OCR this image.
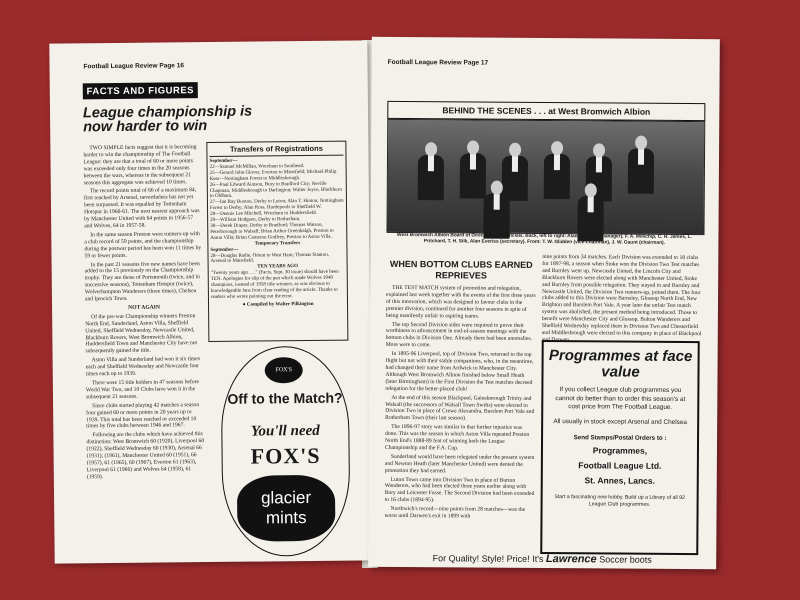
Football League Review Page 16
FACTS AND FIGURES
League championship is now harder to win

TWO SIMPLE facts suggest that it is becoming harder to win the championship of The Football League: they are that a total of 60 or more points was exceeded only four times in the 20 seasons between the wars, whereas in the subsequent 21 seasons this aggregate was achieved 10 times.

The record points total of 66 of a maximum 84, first reached by Arsenal, nevertheless has not yet been surpassed. It was equalled by Tottenham Hotspur in 1960-61. The next nearest approach was by Manchester United with 64 points in 1956-57 and Wolves, 64 in 1957-58.

In the same season Preston were runners-up with a club record of 59 points, and the championship during the postwar period has been won 11 times by 59 or fewer points.

In the past 21 seasons five new names have been added to the 15 previously on the Championship trophy. They are those of Portsmouth (twice, and in successive seasons), Tottenham Hotspur (twice), Wolverhampton Wanderers (three times), Chelsea and Ipswich Town.

NOT AGAIN

Of the pre-war Championship winners Preston North End, Sunderland, Aston Villa, Sheffield United, Sheffield Wednesday, Newcastle United, Blackburn Rovers, West Bromwich Albion, Huddersfield Town and Manchester City have not subsequently gained the title.

Aston Villa and Sunderland had won it six times each and Sheffield Wednesday and Newcastle four times each up to 1939.

There were 15 title holders in 47 seasons before World War Two, and 10 Clubs have won it in the subsequent 21 seasons.

Since clubs started playing 42 matches a season four gained 60 or more points in 20 years up to 1939. This total has been reached or exceeded 10 times by five clubs between 1946 and 1967.

Following are the clubs which have achieved this distinction: West Bromwich 60 (1920), Liverpool 60 (1922), Sheffield Wednesday 60 (1930), Arsenal 66 (1931); (1961), Manchester United 60 (1951), 66 (1957), 61 (1965), 60 (1967), Everton 61 (1963), Liverpool 61 (1966) and Wolves 64 (1958), 61 (1959).

Transfers of Registrations
September—
22—Samuel McMillan, Wrexham to Southend.
25—Gerard John Glover, Everton to Mansfield; Michael Philip Kear—Nottingham Forest to Middlesbrough.
26—Paul Edward Aimson, Bury to Bradford City; Neville Chapman, Middlesbrough to Darlington; Walter Joyce, Blackburn to Oldham.
27—Ian Ray Buxton, Derby to Luton; Alan T. Hinton, Nottingham Forest to Derby; Alan Ross, Hartlepools to Sheffield W.
28—Dennis Lee Mitchell, Wrexham to Huddersfield.
29—William Hodgson, Derby to Rotherham.
30—Derek Draper, Derby to Bradford; Thomas Watson, Peterborough to Walsall; Brian Arthur Greenhalgh, Preston to Aston Villa; Brian Cameron Godfrey, Preston to Aston Villa.
Temporary Transfers
September—
28—Douglas Radie, Orient to West Ham; Thomas Stanton, Arsenal to Mansfield.
TEN YEARS AGO
"Twenty years ago . . ." (Facts, Sept. 30 issue) should have been TEN. Apologies for slip of the pen which made Wolves 1948 champions, instead of 1958 title winners, as was obvious to knowledgeable fans from clear reading of the article. Thanks to readers who wrote pointing out the error.
● Compiled by Walter Pilkington
FOX'S
Off to the Match?
You'll need
FOX'S
glacier
mints
Football League Review Page 17
BEHIND THE SCENES . . . at West Bromwich Albion
West Bromwich Albion Board of Directors and Officials. Back, left to right: Alan Ashman (manager), F. A. Millichip, C. H. James, L. Pritchard, T. H. Silk, Alan Everiss (secretary). Front: T. W. Glidden (vice-chairman), J. W. Gaunt (chairman).
WHEN BOTTOM CLUBS EARNED REPRIEVES

THE TEST MATCH system of promotion and relegation, explained last week together with the events of the first three years of this innovation, which was designed to favour clubs in the premier division, continued for another four seasons in spite of being manifestly unfair to aspiring teams.

The top Second Division sides were required to prove their worthiness to advancement in end-of-season meetings with the bottom clubs in Division One. Already there had been anomalies. More were to come.

In 1895-96 Liverpool, top of Division Two, returned to the top flight but not with their stable companions, who, in the meantime, had changed their name from Ardwick to Manchester City. Although West Bromwich Albion finished below Small Heath (later Birmingham) in the First Division the Test matches decreed relegation for the better-placed club!

At the end of this season Blackpool, Gainsborough Trinity and Walsall (the successors of Walsall Town Swifts) were elected to Division Two in place of Crewe Alexandra, Burslem Port Vale and Rotherham Town (their last season).

The 1896-97 story was similar in that further injustice was done. This was the season in which Aston Villa repeated Preston North End's 1888-89 feat of winning both the League Championship and the F.A. Cup.

Sunderland would have been relegated under the present system and Newton Heath (later Manchester United) were denied the promotion they had earned.

Luton Town came into Division Two in place of Burton Wanderers, who had been elected three years earlier along with Bury and Leicester Fosse. The Second Division had been extended to 16 clubs (1894-95).

Northwich's record—nine points from 28 matches—was the worst until Darwen's exit in 1899 with

nine points from 34 matches. Each Division was extended to 18 clubs for 1897-98, a season when Stoke won the Division Two Test matches and Burnley went up. Newcastle United, the Lincoln City and Blackburn Rovers were elected along with Manchester United, Stoke and Burnley from possible relegation. They stayed in and Burnley and Newcastle United, the Division Two runners-up, joined them. The four clubs added to this Division were Barnsley, Glossop North End, New Brighton and Burslem Port Vale. A year later the unfair Test match system was abolished, the present method being introduced. Those to benefit were Manchester City and Glossop. Bolton Wanderers and Sheffield Wednesday replaced them in Division Two and Chesterfield and Middlesbrough were elected to this company in place of Blackpool and Darwen.

Programmes at face value
If you collect League club programmes you cannot do better than to order this season's at cost price from The Football League.
All usually in stock except Arsenal and Chelsea
Send Stamps/Postal Orders to :
Programmes,
Football League Ltd.
St. Annes, Lancs.
Start a fascinating new hobby. Build up a Library of all 92 League Club programmes.
For Quality! Style! Price! It's Lawrence Soccer boots
